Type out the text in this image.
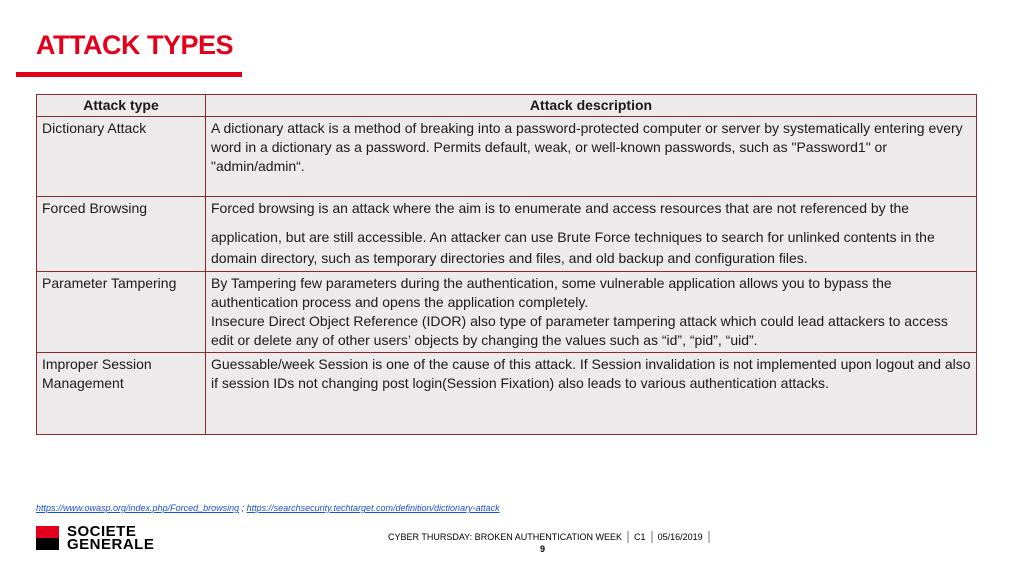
ATTACK TYPES
Attack type	Attack description
Dictionary Attack	A dictionary attack is a method of breaking into a password-protected computer or server by systematically entering every word in a dictionary as a password. Permits default, weak, or well-known passwords, such as "Password1" or "admin/admin“.

Forced Browsing	Forced browsing is an attack where the aim is to enumerate and access resources that are not referenced by the
application, but are still accessible. An attacker can use Brute Force techniques to search for unlinked contents in the domain directory, such as temporary directories and files, and old backup and configuration files.

Parameter Tampering	By Tampering few parameters during the authentication, some vulnerable application allows you to bypass the authentication process and opens the application completely.
Insecure Direct Object Reference (IDOR) also type of parameter tampering attack which could lead attackers to access edit or delete any of other users’ objects by changing the values such as “id”, “pid”, “uid”.

Improper Session Management	Guessable/week Session is one of the cause of this attack. If Session invalidation is not implemented upon logout and also if session IDs not changing post login(Session Fixation) also leads to various authentication attacks.
https://www.owasp.org/index.php/Forced_browsing ; https://searchsecurity.techtarget.com/definition/dictionary-attack
SOCIETE
GENERALE	CYBER THURSDAY: BROKEN AUTHENTICATION WEEK C1 05/16/2019
9
